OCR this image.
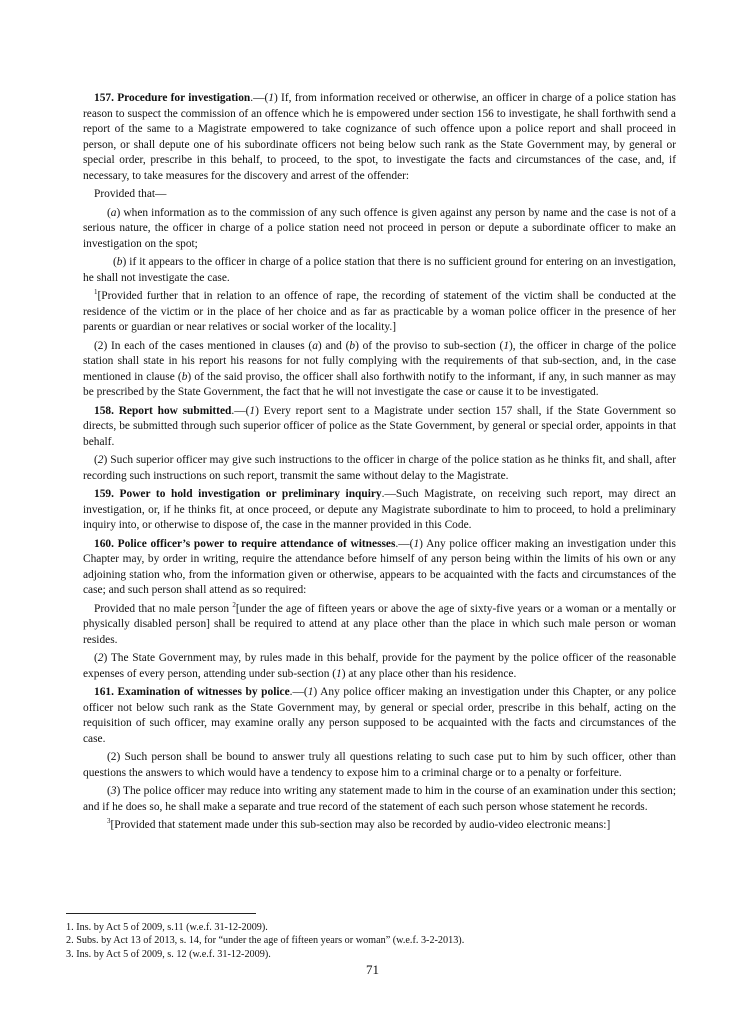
157. Procedure for investigation.—(1) If, from information received or otherwise, an officer in charge of a police station has reason to suspect the commission of an offence which he is empowered under section 156 to investigate, he shall forthwith send a report of the same to a Magistrate empowered to take cognizance of such offence upon a police report and shall proceed in person, or shall depute one of his subordinate officers not being below such rank as the State Government may, by general or special order, prescribe in this behalf, to proceed, to the spot, to investigate the facts and circumstances of the case, and, if necessary, to take measures for the discovery and arrest of the offender:

Provided that—

(a) when information as to the commission of any such offence is given against any person by name and the case is not of a serious nature, the officer in charge of a police station need not proceed in person or depute a subordinate officer to make an investigation on the spot;

(b) if it appears to the officer in charge of a police station that there is no sufficient ground for entering on an investigation, he shall not investigate the case.

$^1$[Provided further that in relation to an offence of rape, the recording of statement of the victim shall be conducted at the residence of the victim or in the place of her choice and as far as practicable by a woman police officer in the presence of her parents or guardian or near relatives or social worker of the locality.]

(2) In each of the cases mentioned in clauses (a) and (b) of the proviso to sub-section (1), the officer in charge of the police station shall state in his report his reasons for not fully complying with the requirements of that sub-section, and, in the case mentioned in clause (b) of the said proviso, the officer shall also forthwith notify to the informant, if any, in such manner as may be prescribed by the State Government, the fact that he will not investigate the case or cause it to be investigated.

158. Report how submitted.—(1) Every report sent to a Magistrate under section 157 shall, if the State Government so directs, be submitted through such superior officer of police as the State Government, by general or special order, appoints in that behalf.

(2) Such superior officer may give such instructions to the officer in charge of the police station as he thinks fit, and shall, after recording such instructions on such report, transmit the same without delay to the Magistrate.

159. Power to hold investigation or preliminary inquiry.—Such Magistrate, on receiving such report, may direct an investigation, or, if he thinks fit, at once proceed, or depute any Magistrate subordinate to him to proceed, to hold a preliminary inquiry into, or otherwise to dispose of, the case in the manner provided in this Code.

160. Police officer’s power to require attendance of witnesses.—(1) Any police officer making an investigation under this Chapter may, by order in writing, require the attendance before himself of any person being within the limits of his own or any adjoining station who, from the information given or otherwise, appears to be acquainted with the facts and circumstances of the case; and such person shall attend as so required:

Provided that no male person $^2$[under the age of fifteen years or above the age of sixty-five years or a woman or a mentally or physically disabled person] shall be required to attend at any place other than the place in which such male person or woman resides.

(2) The State Government may, by rules made in this behalf, provide for the payment by the police officer of the reasonable expenses of every person, attending under sub-section (1) at any place other than his residence.

161. Examination of witnesses by police.—(1) Any police officer making an investigation under this Chapter, or any police officer not below such rank as the State Government may, by general or special order, prescribe in this behalf, acting on the requisition of such officer, may examine orally any person supposed to be acquainted with the facts and circumstances of the case.

(2) Such person shall be bound to answer truly all questions relating to such case put to him by such officer, other than questions the answers to which would have a tendency to expose him to a criminal charge or to a penalty or forfeiture.

(3) The police officer may reduce into writing any statement made to him in the course of an examination under this section; and if he does so, he shall make a separate and true record of the statement of each such person whose statement he records.

$^3$[Provided that statement made under this sub-section may also be recorded by audio-video electronic means:]

1. Ins. by Act 5 of 2009, s.11 (w.e.f. 31-12-2009).
2. Subs. by Act 13 of 2013, s. 14, for “under the age of fifteen years or woman” (w.e.f. 3-2-2013).
3. Ins. by Act 5 of 2009, s. 12 (w.e.f. 31-12-2009).
71
